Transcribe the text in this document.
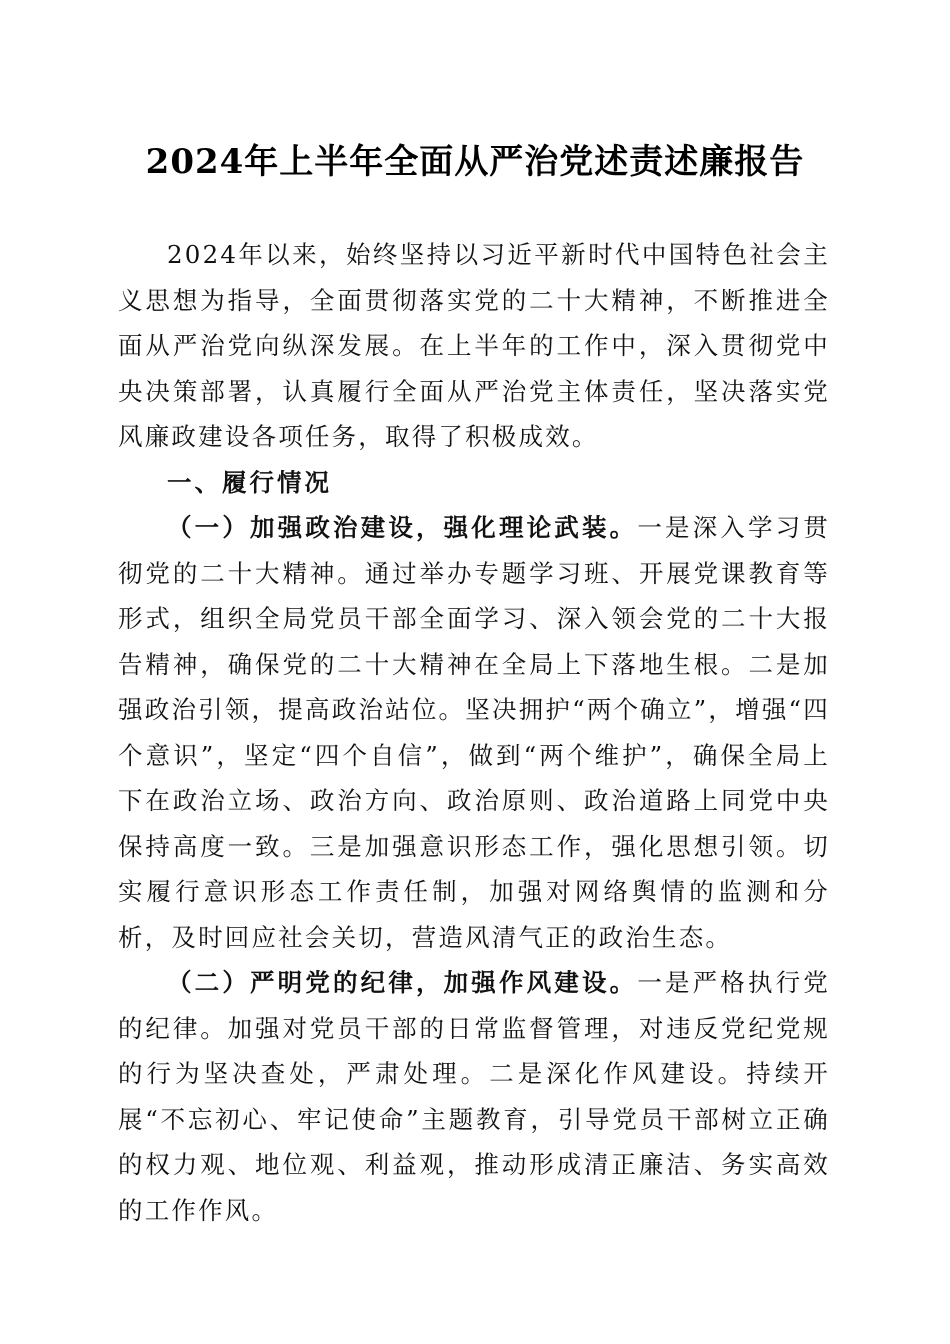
2024年上半年全面从严治党述责述廉报告

2024年以来，始终坚持以习近平新时代中国特色社会主义思想为指导，全面贯彻落实党的二十大精神，不断推进全面从严治党向纵深发展。在上半年的工作中，深入贯彻党中央决策部署，认真履行全面从严治党主体责任，坚决落实党风廉政建设各项任务，取得了积极成效。

一、履行情况

（一）加强政治建设，强化理论武装。一是深入学习贯彻党的二十大精神。通过举办专题学习班、开展党课教育等形式，组织全局党员干部全面学习、深入领会党的二十大报告精神，确保党的二十大精神在全局上下落地生根。二是加强政治引领，提高政治站位。坚决拥护“两个确立”，增强“四个意识”，坚定“四个自信”，做到“两个维护”，确保全局上下在政治立场、政治方向、政治原则、政治道路上同党中央保持高度一致。三是加强意识形态工作，强化思想引领。切实履行意识形态工作责任制，加强对网络舆情的监测和分析，及时回应社会关切，营造风清气正的政治生态。

（二）严明党的纪律，加强作风建设。一是严格执行党的纪律。加强对党员干部的日常监督管理，对违反党纪党规的行为坚决查处，严肃处理。二是深化作风建设。持续开展“不忘初心、牢记使命”主题教育，引导党员干部树立正确的权力观、地位观、利益观，推动形成清正廉洁、务实高效的工作作风。
